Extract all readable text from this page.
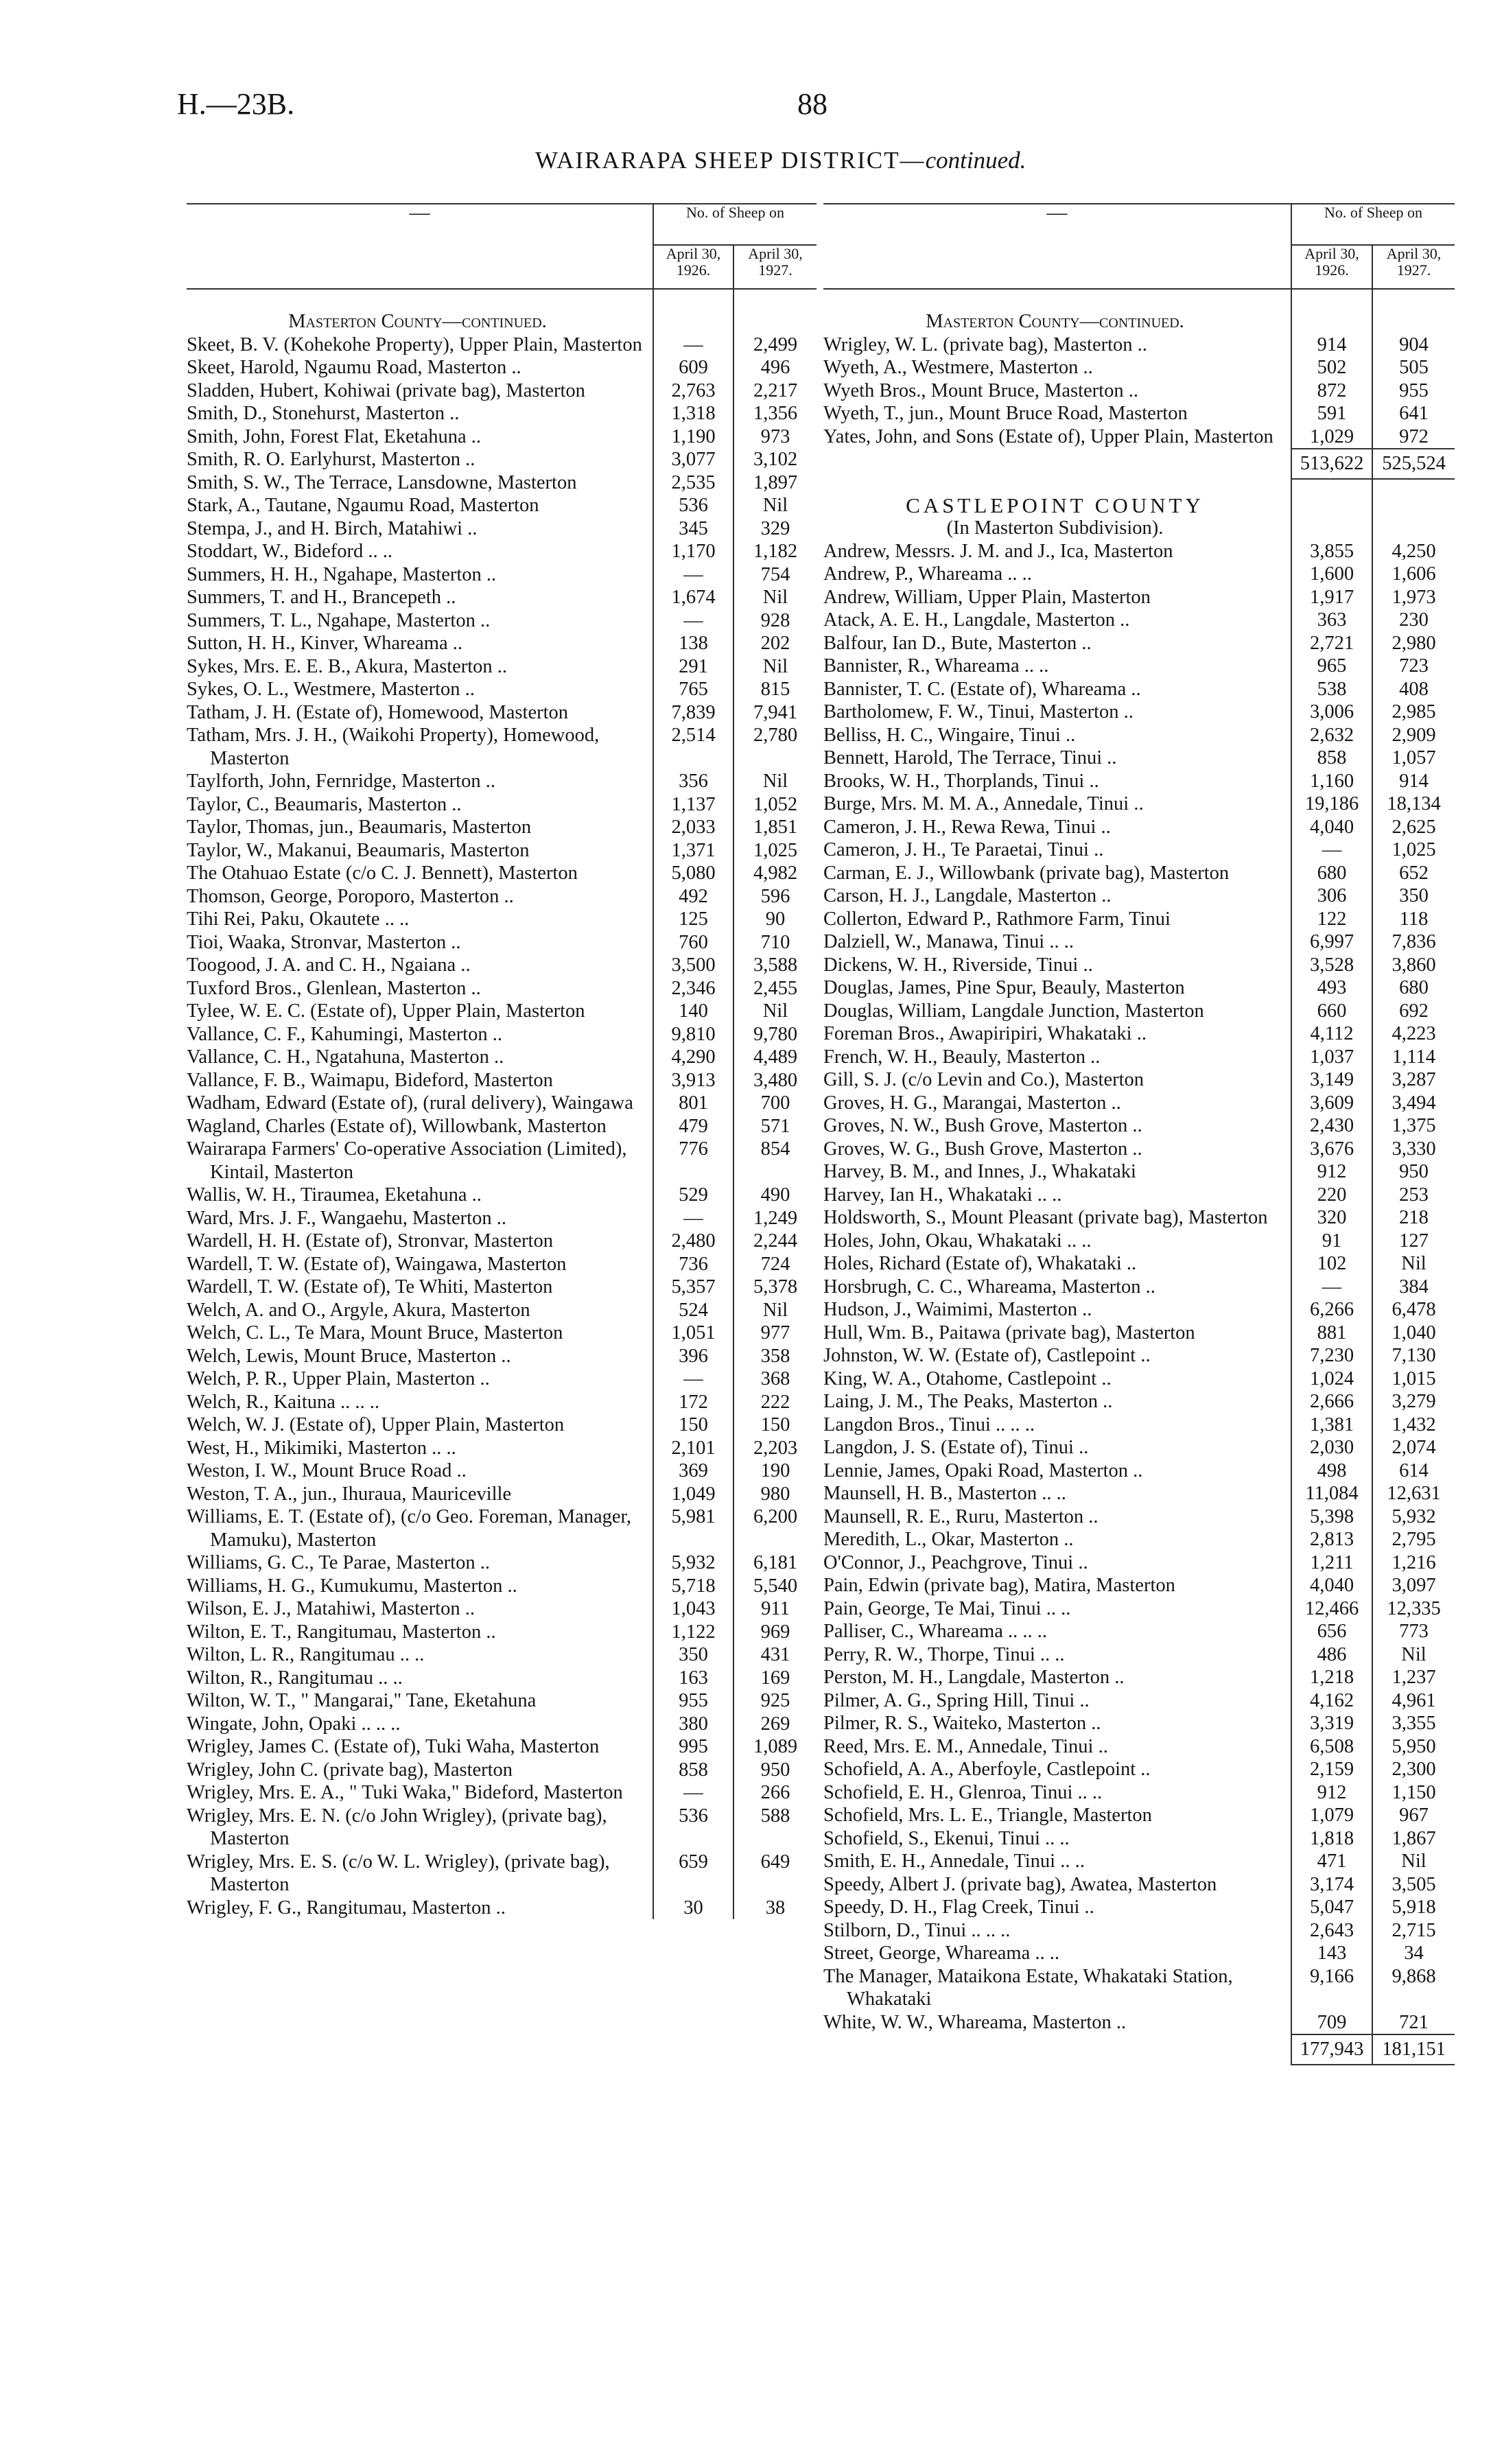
H.—23B.	88
WAIRARAPA SHEEP DISTRICT—continued.
—	No. of Sheep on	
	April 30, 1926.	April 30, 1927.
Masterton County—continued.		
Skeet, B. V. (Kohekohe Property), Upper Plain, Masterton	—	2,499
Skeet, Harold, Ngaumu Road, Masterton ..	609	496
Sladden, Hubert, Kohiwai (private bag), Masterton	2,763	2,217
Smith, D., Stonehurst, Masterton ..	1,318	1,356
Smith, John, Forest Flat, Eketahuna ..	1,190	973
Smith, R. O. Earlyhurst, Masterton ..	3,077	3,102
Smith, S. W., The Terrace, Lansdowne, Masterton	2,535	1,897
Stark, A., Tautane, Ngaumu Road, Masterton	536	Nil
Stempa, J., and H. Birch, Matahiwi ..	345	329
Stoddart, W., Bideford .. ..	1,170	1,182
Summers, H. H., Ngahape, Masterton ..	—	754
Summers, T. and H., Brancepeth ..	1,674	Nil
Summers, T. L., Ngahape, Masterton ..	—	928
Sutton, H. H., Kinver, Whareama ..	138	202
Sykes, Mrs. E. E. B., Akura, Masterton ..	291	Nil
Sykes, O. L., Westmere, Masterton ..	765	815
Tatham, J. H. (Estate of), Homewood, Masterton	7,839	7,941
Tatham, Mrs. J. H., (Waikohi Property), Homewood, Masterton	2,514	2,780
Taylforth, John, Fernridge, Masterton ..	356	Nil
Taylor, C., Beaumaris, Masterton ..	1,137	1,052
Taylor, Thomas, jun., Beaumaris, Masterton	2,033	1,851
Taylor, W., Makanui, Beaumaris, Masterton	1,371	1,025
The Otahuao Estate (c/o C. J. Bennett), Masterton	5,080	4,982
Thomson, George, Poroporo, Masterton ..	492	596
Tihi Rei, Paku, Okautete .. ..	125	90
Tioi, Waaka, Stronvar, Masterton ..	760	710
Toogood, J. A. and C. H., Ngaiana ..	3,500	3,588
Tuxford Bros., Glenlean, Masterton ..	2,346	2,455
Tylee, W. E. C. (Estate of), Upper Plain, Masterton	140	Nil
Vallance, C. F., Kahumingi, Masterton ..	9,810	9,780
Vallance, C. H., Ngatahuna, Masterton ..	4,290	4,489
Vallance, F. B., Waimapu, Bideford, Masterton	3,913	3,480
Wadham, Edward (Estate of), (rural delivery), Waingawa	801	700
Wagland, Charles (Estate of), Willowbank, Masterton	479	571
Wairarapa Farmers' Co-operative Association (Limited), Kintail, Masterton	776	854
Wallis, W. H., Tiraumea, Eketahuna ..	529	490
Ward, Mrs. J. F., Wangaehu, Masterton ..	—	1,249
Wardell, H. H. (Estate of), Stronvar, Masterton	2,480	2,244
Wardell, T. W. (Estate of), Waingawa, Masterton	736	724
Wardell, T. W. (Estate of), Te Whiti, Masterton	5,357	5,378
Welch, A. and O., Argyle, Akura, Masterton	524	Nil
Welch, C. L., Te Mara, Mount Bruce, Masterton	1,051	977
Welch, Lewis, Mount Bruce, Masterton ..	396	358
Welch, P. R., Upper Plain, Masterton ..	—	368
Welch, R., Kaituna .. .. ..	172	222
Welch, W. J. (Estate of), Upper Plain, Masterton	150	150
West, H., Mikimiki, Masterton .. ..	2,101	2,203
Weston, I. W., Mount Bruce Road ..	369	190
Weston, T. A., jun., Ihuraua, Mauriceville	1,049	980
Williams, E. T. (Estate of), (c/o Geo. Foreman, Manager, Mamuku), Masterton	5,981	6,200
Williams, G. C., Te Parae, Masterton ..	5,932	6,181
Williams, H. G., Kumukumu, Masterton ..	5,718	5,540
Wilson, E. J., Matahiwi, Masterton ..	1,043	911
Wilton, E. T., Rangitumau, Masterton ..	1,122	969
Wilton, L. R., Rangitumau .. ..	350	431
Wilton, R., Rangitumau .. ..	163	169
Wilton, W. T., " Mangarai," Tane, Eketahuna	955	925
Wingate, John, Opaki .. .. ..	380	269
Wrigley, James C. (Estate of), Tuki Waha, Masterton	995	1,089
Wrigley, John C. (private bag), Masterton	858	950
Wrigley, Mrs. E. A., " Tuki Waka," Bideford, Masterton	—	266
Wrigley, Mrs. E. N. (c/o John Wrigley), (private bag), Masterton	536	588
Wrigley, Mrs. E. S. (c/o W. L. Wrigley), (private bag), Masterton	659	649
Wrigley, F. G., Rangitumau, Masterton ..	30	38
—	No. of Sheep on	
	April 30, 1926.	April 30, 1927.
Masterton County—continued.		
Wrigley, W. L. (private bag), Masterton ..	914	904
Wyeth, A., Westmere, Masterton ..	502	505
Wyeth Bros., Mount Bruce, Masterton ..	872	955
Wyeth, T., jun., Mount Bruce Road, Masterton	591	641
Yates, John, and Sons (Estate of), Upper Plain, Masterton	1,029	972
	513,622	525,524
CASTLEPOINT COUNTY		
(In Masterton Subdivision).		
Andrew, Messrs. J. M. and J., Ica, Masterton	3,855	4,250
Andrew, P., Whareama .. ..	1,600	1,606
Andrew, William, Upper Plain, Masterton	1,917	1,973
Atack, A. E. H., Langdale, Masterton ..	363	230
Balfour, Ian D., Bute, Masterton ..	2,721	2,980
Bannister, R., Whareama .. ..	965	723
Bannister, T. C. (Estate of), Whareama ..	538	408
Bartholomew, F. W., Tinui, Masterton ..	3,006	2,985
Belliss, H. C., Wingaire, Tinui ..	2,632	2,909
Bennett, Harold, The Terrace, Tinui ..	858	1,057
Brooks, W. H., Thorplands, Tinui ..	1,160	914
Burge, Mrs. M. M. A., Annedale, Tinui ..	19,186	18,134
Cameron, J. H., Rewa Rewa, Tinui ..	4,040	2,625
Cameron, J. H., Te Paraetai, Tinui ..	—	1,025
Carman, E. J., Willowbank (private bag), Masterton	680	652
Carson, H. J., Langdale, Masterton ..	306	350
Collerton, Edward P., Rathmore Farm, Tinui	122	118
Dalziell, W., Manawa, Tinui .. ..	6,997	7,836
Dickens, W. H., Riverside, Tinui ..	3,528	3,860
Douglas, James, Pine Spur, Beauly, Masterton	493	680
Douglas, William, Langdale Junction, Masterton	660	692
Foreman Bros., Awapiripiri, Whakataki ..	4,112	4,223
French, W. H., Beauly, Masterton ..	1,037	1,114
Gill, S. J. (c/o Levin and Co.), Masterton	3,149	3,287
Groves, H. G., Marangai, Masterton ..	3,609	3,494
Groves, N. W., Bush Grove, Masterton ..	2,430	1,375
Groves, W. G., Bush Grove, Masterton ..	3,676	3,330
Harvey, B. M., and Innes, J., Whakataki	912	950
Harvey, Ian H., Whakataki .. ..	220	253
Holdsworth, S., Mount Pleasant (private bag), Masterton	320	218
Holes, John, Okau, Whakataki .. ..	91	127
Holes, Richard (Estate of), Whakataki ..	102	Nil
Horsbrugh, C. C., Whareama, Masterton ..	—	384
Hudson, J., Waimimi, Masterton ..	6,266	6,478
Hull, Wm. B., Paitawa (private bag), Masterton	881	1,040
Johnston, W. W. (Estate of), Castlepoint ..	7,230	7,130
King, W. A., Otahome, Castlepoint ..	1,024	1,015
Laing, J. M., The Peaks, Masterton ..	2,666	3,279
Langdon Bros., Tinui .. .. ..	1,381	1,432
Langdon, J. S. (Estate of), Tinui ..	2,030	2,074
Lennie, James, Opaki Road, Masterton ..	498	614
Maunsell, H. B., Masterton .. ..	11,084	12,631
Maunsell, R. E., Ruru, Masterton ..	5,398	5,932
Meredith, L., Okar, Masterton ..	2,813	2,795
O'Connor, J., Peachgrove, Tinui ..	1,211	1,216
Pain, Edwin (private bag), Matira, Masterton	4,040	3,097
Pain, George, Te Mai, Tinui .. ..	12,466	12,335
Palliser, C., Whareama .. .. ..	656	773
Perry, R. W., Thorpe, Tinui .. ..	486	Nil
Perston, M. H., Langdale, Masterton ..	1,218	1,237
Pilmer, A. G., Spring Hill, Tinui ..	4,162	4,961
Pilmer, R. S., Waiteko, Masterton ..	3,319	3,355
Reed, Mrs. E. M., Annedale, Tinui ..	6,508	5,950
Schofield, A. A., Aberfoyle, Castlepoint ..	2,159	2,300
Schofield, E. H., Glenroa, Tinui .. ..	912	1,150
Schofield, Mrs. L. E., Triangle, Masterton	1,079	967
Schofield, S., Ekenui, Tinui .. ..	1,818	1,867
Smith, E. H., Annedale, Tinui .. ..	471	Nil
Speedy, Albert J. (private bag), Awatea, Masterton	3,174	3,505
Speedy, D. H., Flag Creek, Tinui ..	5,047	5,918
Stilborn, D., Tinui .. .. ..	2,643	2,715
Street, George, Whareama .. ..	143	34
The Manager, Mataikona Estate, Whakataki Station, Whakataki	9,166	9,868
White, W. W., Whareama, Masterton ..	709	721
	177,943	181,151
